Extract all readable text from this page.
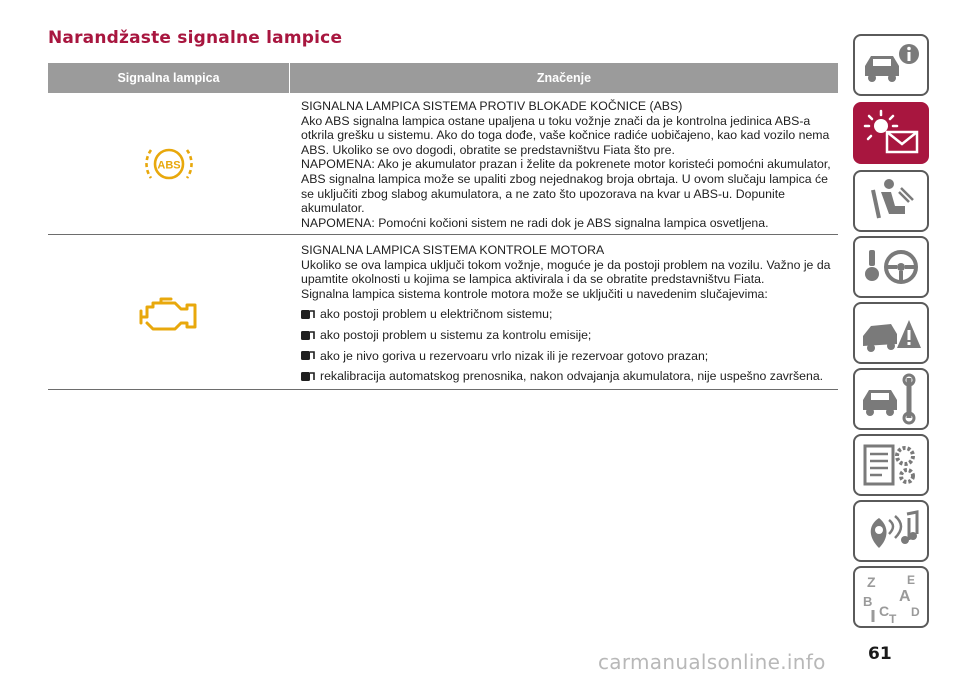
Narandžaste signalne lampice
Signalna lampica	Značenje
ABS

SIGNALNA LAMPICA SISTEMA PROTIV BLOKADE KOČNICE (ABS)

Ako ABS signalna lampica ostane upaljena u toku vožnje znači da je kontrolna jedinica ABS-a otkrila grešku u sistemu. Ako do toga dođe, vaše kočnice radiće uobičajeno, kao kad vozilo nema ABS. Ukoliko se ovo dogodi, obratite se predstavništvu Fiata što pre.

NAPOMENA: Ako je akumulator prazan i želite da pokrenete motor koristeći pomoćni akumulator, ABS signalna lampica može se upaliti zbog nejednakog broja obrtaja. U ovom slučaju lampica će se uključiti zbog slabog akumulatora, a ne zato što upozorava na kvar u ABS-u. Dopunite akumulator.

NAPOMENA: Pomoćni kočioni sistem ne radi dok je ABS signalna lampica osvetljena.

SIGNALNA LAMPICA SISTEMA KONTROLE MOTORA

Ukoliko se ova lampica uključi tokom vožnje, moguće je da postoji problem na vozilu. Važno je da upamtite okolnosti u kojima se lampica aktivirala i da se obratite predstavništvu Fiata.

Signalna lampica sistema kontrole motora može se uključiti u navedenim slučajevima:

ako postoji problem u električnom sistemu;
ako postoji problem u sistemu za kontrolu emisije;
ako je nivo goriva u rezervoaru vrlo nizak ili je rezervoar gotovo prazan;
rekalibracija automatskog prenosnika, nakon odvajanja akumulatora, nije uspešno završena.
Z	E
B A
C D
T
61
carmanualsonline.info
